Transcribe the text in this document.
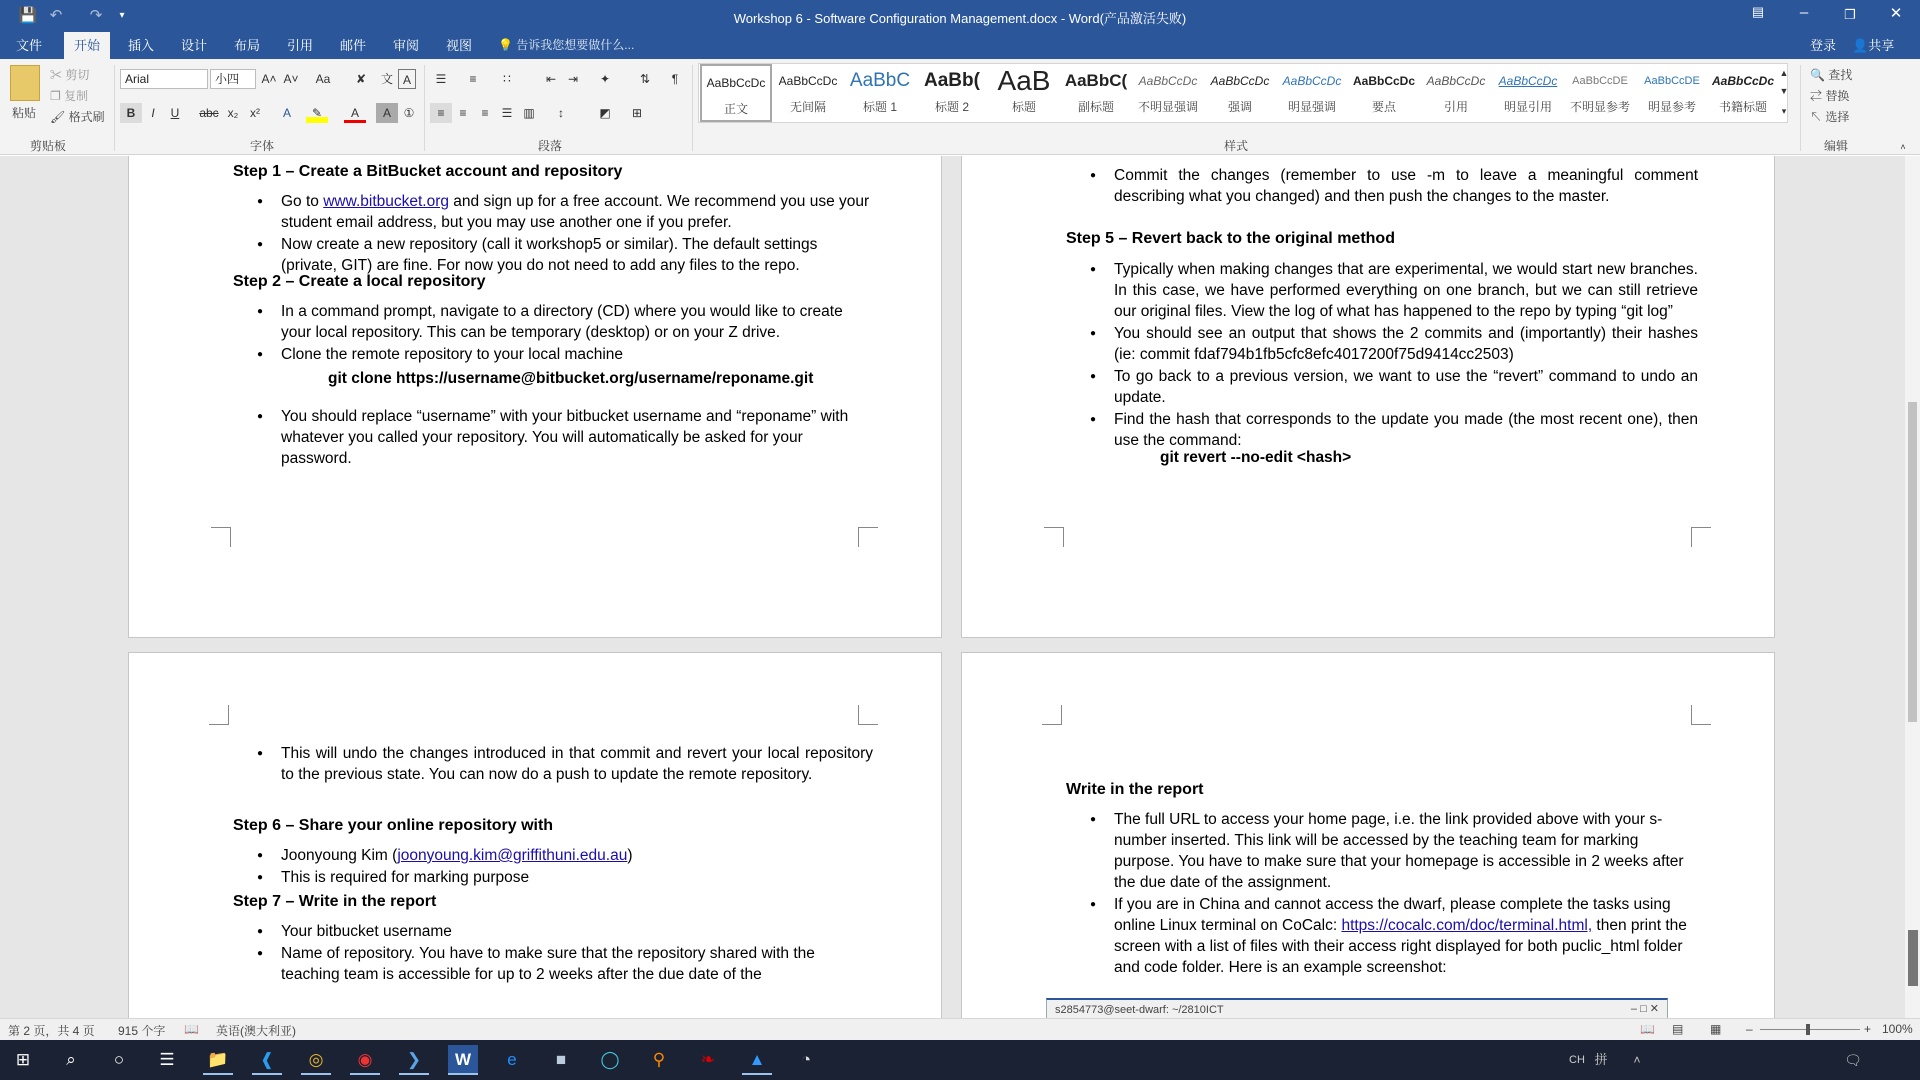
💾 ↶ ↷	▾	Workshop 6 - Software Configuration Management.docx - Word(产品激活失败)	▤	–	❐	✕
文件	开始	插入	设计	布局	引用	邮件	审阅	视图	💡 告诉我您想要做什么...	登录 👤共享
粘贴
✂ 剪切
❐ 复制
🖌 格式刷
剪贴板
Arial	小四	A˄ A˅	Aa	✘	文 A
B	I	U	abc x₂ x²	A	✎	A	A	①
字体
☰	≡	∷	⇤ ⇥	✦	⇅	¶
≡	≡	≡	☰ ▥	↕	◩	⊞
段落
AaBbCcDc
正文
AaBbCcDc
无间隔
AaBbC
标题 1
AaBb(
标题 2
AaB
标题
AaBbC(
副标题
AaBbCcDc
不明显强调
AaBbCcDc
强调
AaBbCcDc
明显强调
AaBbCcDc
要点
AaBbCcDc
引用
AaBbCcDc
明显引用
AaBbCcDE
不明显参考
AaBbCcDE
明显参考
AaBbCcDc
书籍标题
▲
▼
▾
样式
🔍 查找
⇄ 替换
↖ 选择
编辑	˄
Step 1 – Create a BitBucket account and repository
● Go to www.bitbucket.org and sign up for a free account. We recommend you use your student email address, but you may use another one if you prefer.
● Now create a new repository (call it workshop5 or similar). The default settings (private, GIT) are fine. For now you do not need to add any files to the repo.
Step 2 – Create a local repository
● In a command prompt, navigate to a directory (CD) where you would like to create your local repository. This can be temporary (desktop) or on your Z drive.
● Clone the remote repository to your local machine
git clone https://username@bitbucket.org/username/reponame.git
● You should replace “username” with your bitbucket username and “reponame” with whatever you called your repository. You will automatically be asked for your password.
● Commit the changes (remember to use -m to leave a meaningful comment describing what you changed) and then push the changes to the master.
Step 5 – Revert back to the original method
● Typically when making changes that are experimental, we would start new branches. In this case, we have performed everything on one branch, but we can still retrieve our original files. View the log of what has happened to the repo by typing “git log”
● You should see an output that shows the 2 commits and (importantly) their hashes (ie: commit fdaf794b1fb5cfc8efc4017200f75d9414cc2503)
● To go back to a previous version, we want to use the “revert” command to undo an update.
● Find the hash that corresponds to the update you made (the most recent one), then use the command:
git revert --no-edit <hash>
● This will undo the changes introduced in that commit and revert your local repository to the previous state. You can now do a push to update the remote repository.
Step 6 – Share your online repository with
● Joonyoung Kim (joonyoung.kim@griffithuni.edu.au)
● This is required for marking purpose
Step 7 – Write in the report
● Your bitbucket username
● Name of repository. You have to make sure that the repository shared with the teaching team is accessible for up to 2 weeks after the due date of the
Write in the report
● The full URL to access your home page, i.e. the link provided above with your s-number inserted. This link will be accessed by the teaching team for marking purpose. You have to make sure that your homepage is accessible in 2 weeks after the due date of the assignment.
● If you are in China and cannot access the dwarf, please complete the tasks using online Linux terminal on CoCalc: https://cocalc.com/doc/terminal.html, then print the screen with a list of files with their access right displayed for both puclic_html folder and code folder. Here is an example screenshot:
s2854773@seet-dwarf: ~/2810ICT	– □ ✕
第 2 页，共 4 页 915 个字 📖 英语(澳大利亚)	📖 ▤ ▦ –	+ 100%
⊞	⌕	○	☰	📁	❰	◎	◉	❯	W	e	■	◯	⚲	❧	▲	◔	CH 拼	˄	🗨
